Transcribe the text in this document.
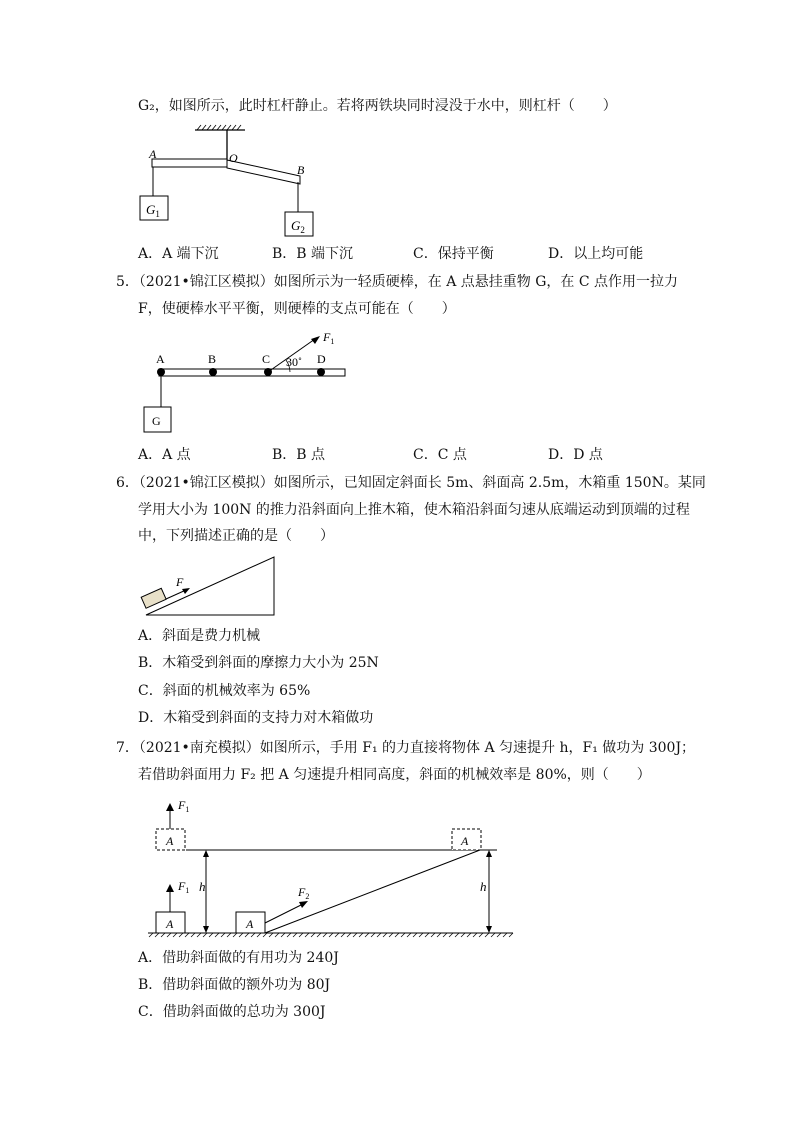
G₂，如图所示，此时杠杆静止。若将两铁块同时浸没于水中，则杠杆（　　）
A	O
B
$G_1$
$G_2$
A．A 端下沉	B．B 端下沉	C．保持平衡	D．以上均可能
5．（2021•锦江区模拟）如图所示为一轻质硬棒，在 A 点悬挂重物 G，在 C 点作用一拉力
F，使硬棒水平平衡，则硬棒的支点可能在（　　）
A	B	C	D
30˚
$F_1$
G
A．A 点	B．B 点	C．C 点	D．D 点
6．（2021•锦江区模拟）如图所示，已知固定斜面长 5m、斜面高 2.5m，木箱重 150N。某同
学用大小为 100N 的推力沿斜面向上推木箱，使木箱沿斜面匀速从底端运动到顶端的过程
中，下列描述正确的是（　　）
F
A．斜面是费力机械
B．木箱受到斜面的摩擦力大小为 25N
C．斜面的机械效率为 65%
D．木箱受到斜面的支持力对木箱做功
7．（2021•南充模拟）如图所示，手用 F₁ 的力直接将物体 A 匀速提升 h，F₁ 做功为 300J；
若借助斜面用力 F₂ 把 A 匀速提升相同高度，斜面的机械效率是 80%，则（　　）
$F_1$
$F_1$	$F_2$
A
A	A
A
h	h
A．借助斜面做的有用功为 240J
B．借助斜面做的额外功为 80J
C．借助斜面做的总功为 300J
